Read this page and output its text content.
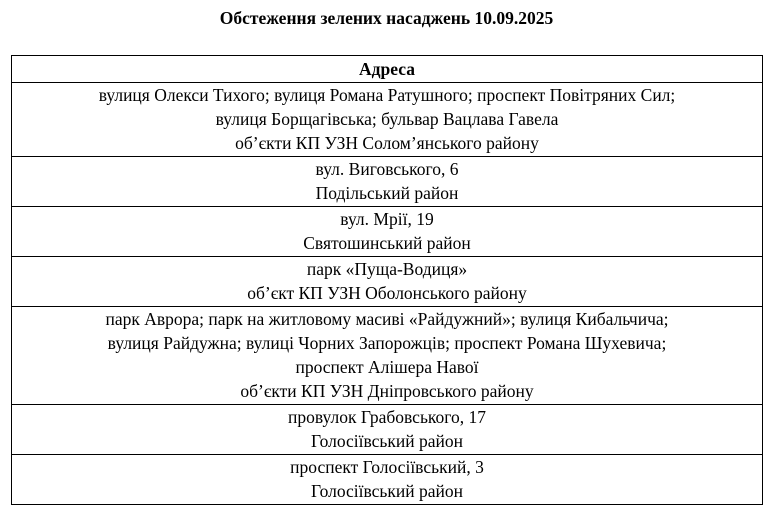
Обстеження зелених насаджень 10.09.2025
Адреса

вулиця Олекси Тихого; вулиця Романа Ратушного; проспект Повітряних Сил;
вулиця Борщагівська; бульвар Вацлава Гавела
об’єкти КП УЗН Солом’янського району

вул. Виговського, 6
Подільський район

вул. Мрії, 19
Святошинський район

парк «Пуща-Водиця»
об’єкт КП УЗН Оболонського району

парк Аврора; парк на житловому масиві «Райдужний»; вулиця Кибальчича;
вулиця Райдужна; вулиці Чорних Запорожців; проспект Романа Шухевича;
проспект Алішера Навої
об’єкти КП УЗН Дніпровського району

провулок Грабовського, 17
Голосіївський район

проспект Голосіївський, 3
Голосіївський район
